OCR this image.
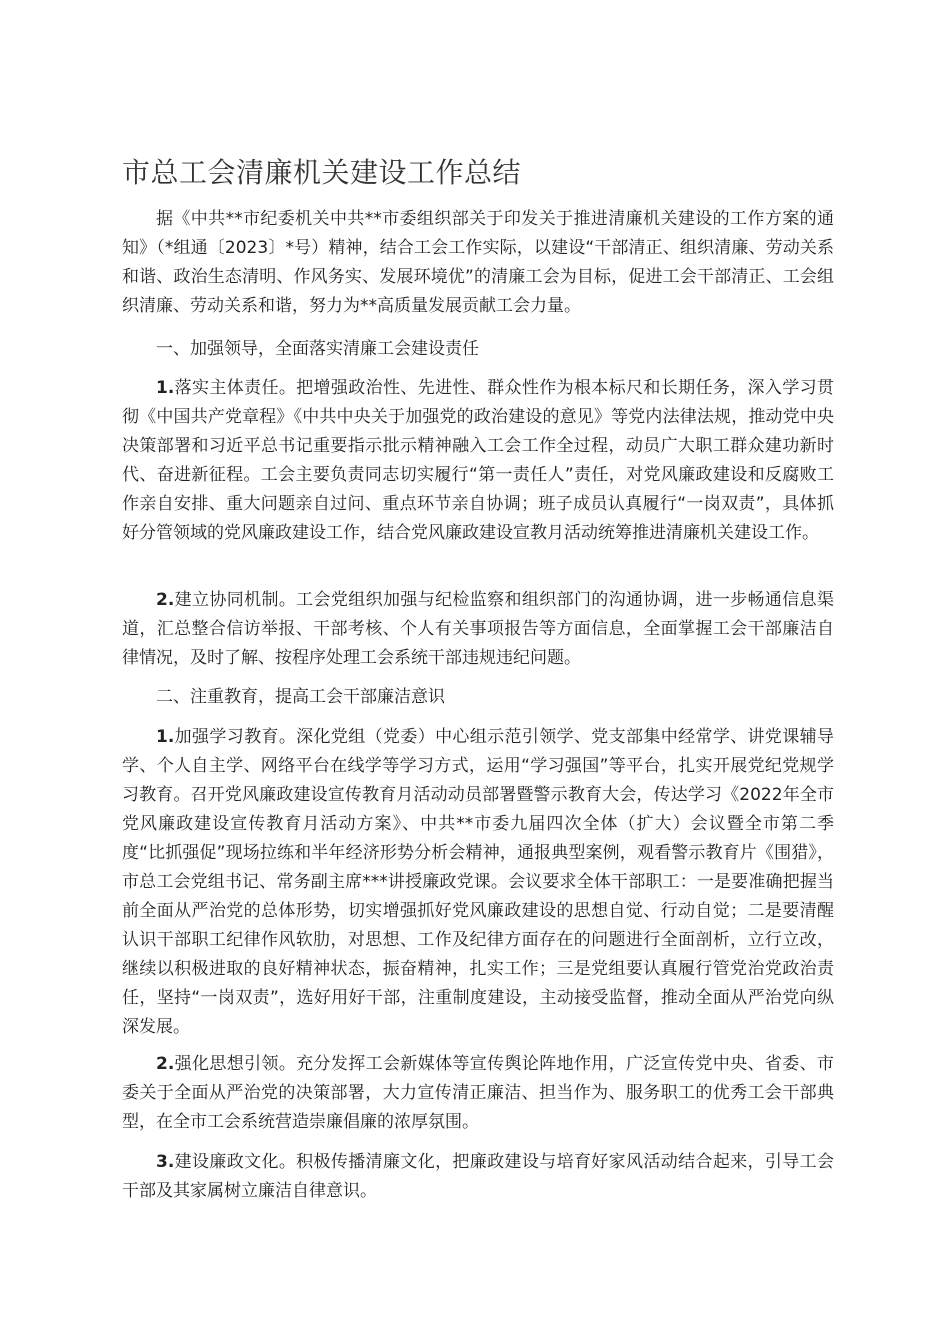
市总工会清廉机关建设工作总结

据《中共**市纪委机关中共**市委组织部关于印发关于推进清廉机关建设的工作方案的通知》（*组通〔2023〕*号）精神，结合工会工作实际，以建设“干部清正、组织清廉、劳动关系和谐、政治生态清明、作风务实、发展环境优”的清廉工会为目标，促进工会干部清正、工会组织清廉、劳动关系和谐，努力为**高质量发展贡献工会力量。

一、加强领导，全面落实清廉工会建设责任

1.落实主体责任。把增强政治性、先进性、群众性作为根本标尺和长期任务，深入学习贯彻《中国共产党章程》《中共中央关于加强党的政治建设的意见》等党内法律法规，推动党中央决策部署和习近平总书记重要指示批示精神融入工会工作全过程，动员广大职工群众建功新时代、奋进新征程。工会主要负责同志切实履行“第一责任人”责任，对党风廉政建设和反腐败工作亲自安排、重大问题亲自过问、重点环节亲自协调；班子成员认真履行“一岗双责”，具体抓好分管领域的党风廉政建设工作，结合党风廉政建设宣教月活动统筹推进清廉机关建设工作。

2.建立协同机制。工会党组织加强与纪检监察和组织部门的沟通协调，进一步畅通信息渠道，汇总整合信访举报、干部考核、个人有关事项报告等方面信息，全面掌握工会干部廉洁自律情况，及时了解、按程序处理工会系统干部违规违纪问题。

二、注重教育，提高工会干部廉洁意识

1.加强学习教育。深化党组（党委）中心组示范引领学、党支部集中经常学、讲党课辅导学、个人自主学、网络平台在线学等学习方式，运用“学习强国”等平台，扎实开展党纪党规学习教育。召开党风廉政建设宣传教育月活动动员部署暨警示教育大会，传达学习《2022年全市党风廉政建设宣传教育月活动方案》、中共**市委九届四次全体（扩大）会议暨全市第二季度“比抓强促”现场拉练和半年经济形势分析会精神，通报典型案例，观看警示教育片《围猎》，市总工会党组书记、常务副主席***讲授廉政党课。会议要求全体干部职工：一是要准确把握当前全面从严治党的总体形势，切实增强抓好党风廉政建设的思想自觉、行动自觉；二是要清醒认识干部职工纪律作风软肋，对思想、工作及纪律方面存在的问题进行全面剖析，立行立改，继续以积极进取的良好精神状态，振奋精神，扎实工作；三是党组要认真履行管党治党政治责任，坚持“一岗双责”，选好用好干部，注重制度建设，主动接受监督，推动全面从严治党向纵深发展。

2.强化思想引领。充分发挥工会新媒体等宣传舆论阵地作用，广泛宣传党中央、省委、市委关于全面从严治党的决策部署，大力宣传清正廉洁、担当作为、服务职工的优秀工会干部典型，在全市工会系统营造崇廉倡廉的浓厚氛围。

3.建设廉政文化。积极传播清廉文化，把廉政建设与培育好家风活动结合起来，引导工会干部及其家属树立廉洁自律意识。
